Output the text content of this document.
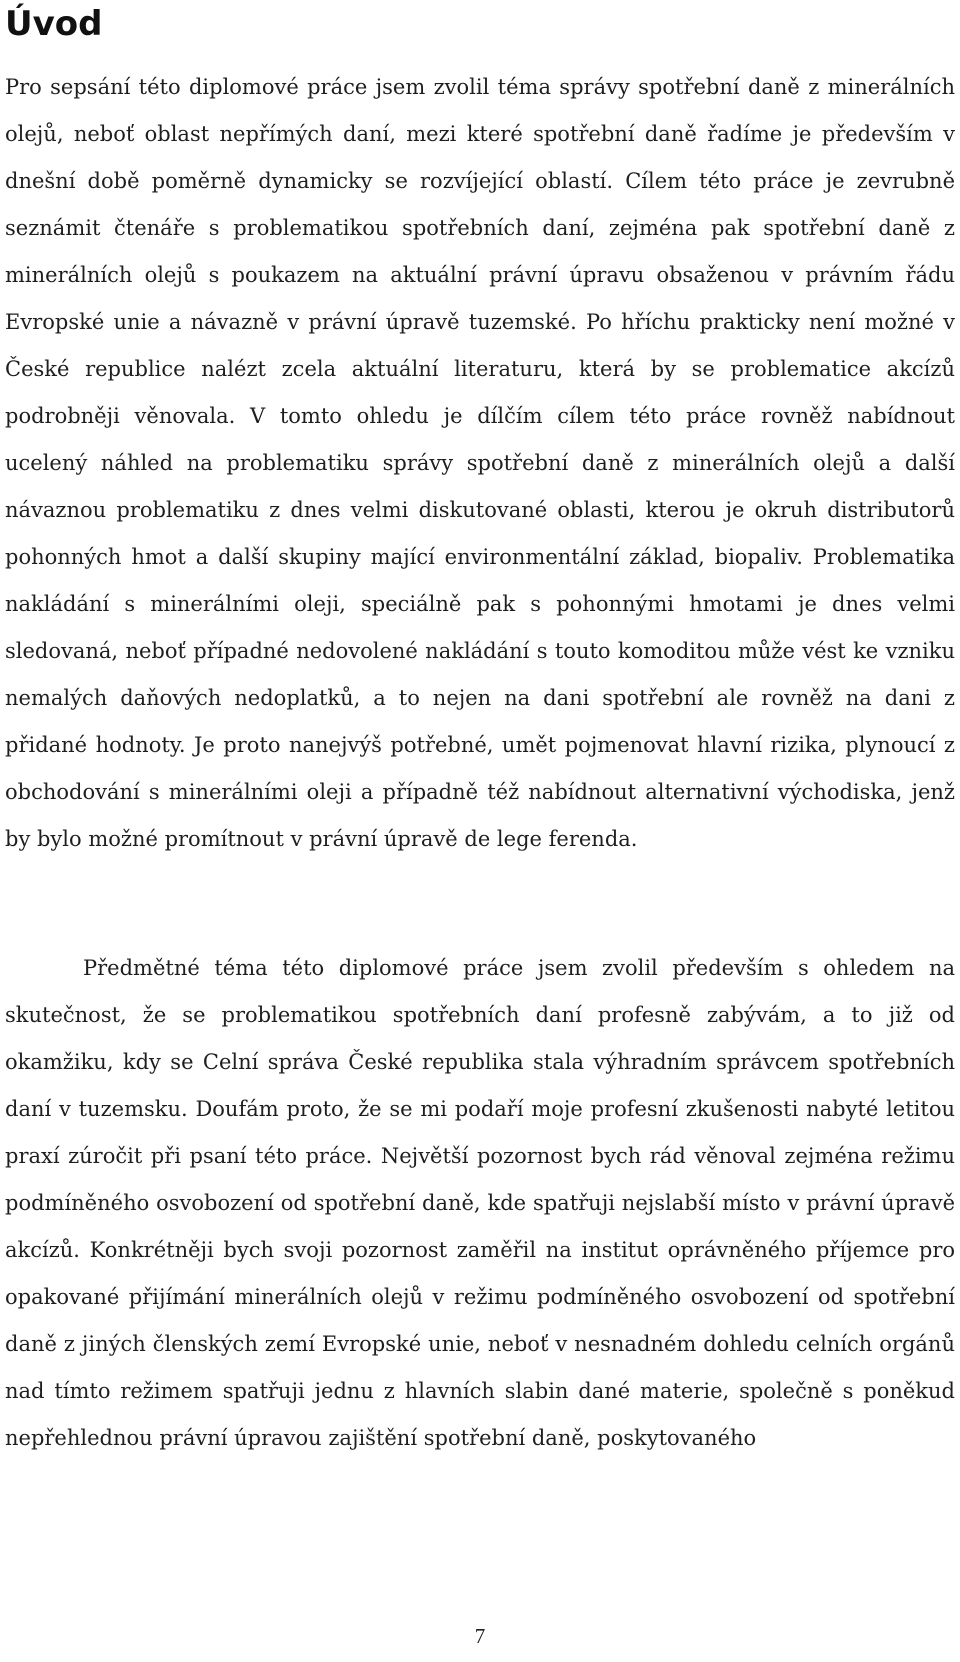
Úvod

Pro sepsání této diplomové práce jsem zvolil téma správy spotřební daně z minerálních olejů, neboť oblast nepřímých daní, mezi které spotřební daně řadíme je především v dnešní době poměrně dynamicky se rozvíjející oblastí. Cílem této práce je zevrubně seznámit čtenáře s problematikou spotřebních daní, zejména pak spotřební daně z minerálních olejů s poukazem na aktuální právní úpravu obsaženou v právním řádu Evropské unie a návazně v právní úpravě tuzemské. Po hříchu prakticky není možné v České republice nalézt zcela aktuální literaturu, která by se problematice akcízů podrobněji věnovala. V tomto ohledu je dílčím cílem této práce rovněž nabídnout ucelený náhled na problematiku správy spotřební daně z minerálních olejů a další návaznou problematiku z dnes velmi diskutované oblasti, kterou je okruh distributorů pohonných hmot a další skupiny mající environmentální základ, biopaliv. Problematika nakládání s minerálními oleji, speciálně pak s pohonnými hmotami je dnes velmi sledovaná, neboť případné nedovolené nakládání s touto komoditou může vést ke vzniku nemalých daňových nedoplatků, a to nejen na dani spotřební ale rovněž na dani z přidané hodnoty. Je proto nanejvýš potřebné, umět pojmenovat hlavní rizika, plynoucí z obchodování s minerálními oleji a případně též nabídnout alternativní východiska, jenž by bylo možné promítnout v právní úpravě de lege ferenda.

Předmětné téma této diplomové práce jsem zvolil především s ohledem na skutečnost, že se problematikou spotřebních daní profesně zabývám, a to již od okamžiku, kdy se Celní správa České republika stala výhradním správcem spotřebních daní v tuzemsku. Doufám proto, že se mi podaří moje profesní zkušenosti nabyté letitou praxí zúročit při psaní této práce. Největší pozornost bych rád věnoval zejména režimu podmíněného osvobození od spotřební daně, kde spatřuji nejslabší místo v právní úpravě akcízů. Konkrétněji bych svoji pozornost zaměřil na institut oprávněného příjemce pro opakované přijímání minerálních olejů v režimu podmíněného osvobození od spotřební daně z jiných členských zemí Evropské unie, neboť v nesnadném dohledu celních orgánů nad tímto režimem spatřuji jednu z hlavních slabin dané materie, společně s poněkud nepřehlednou právní úpravou zajištění spotřební daně, poskytovaného

7
